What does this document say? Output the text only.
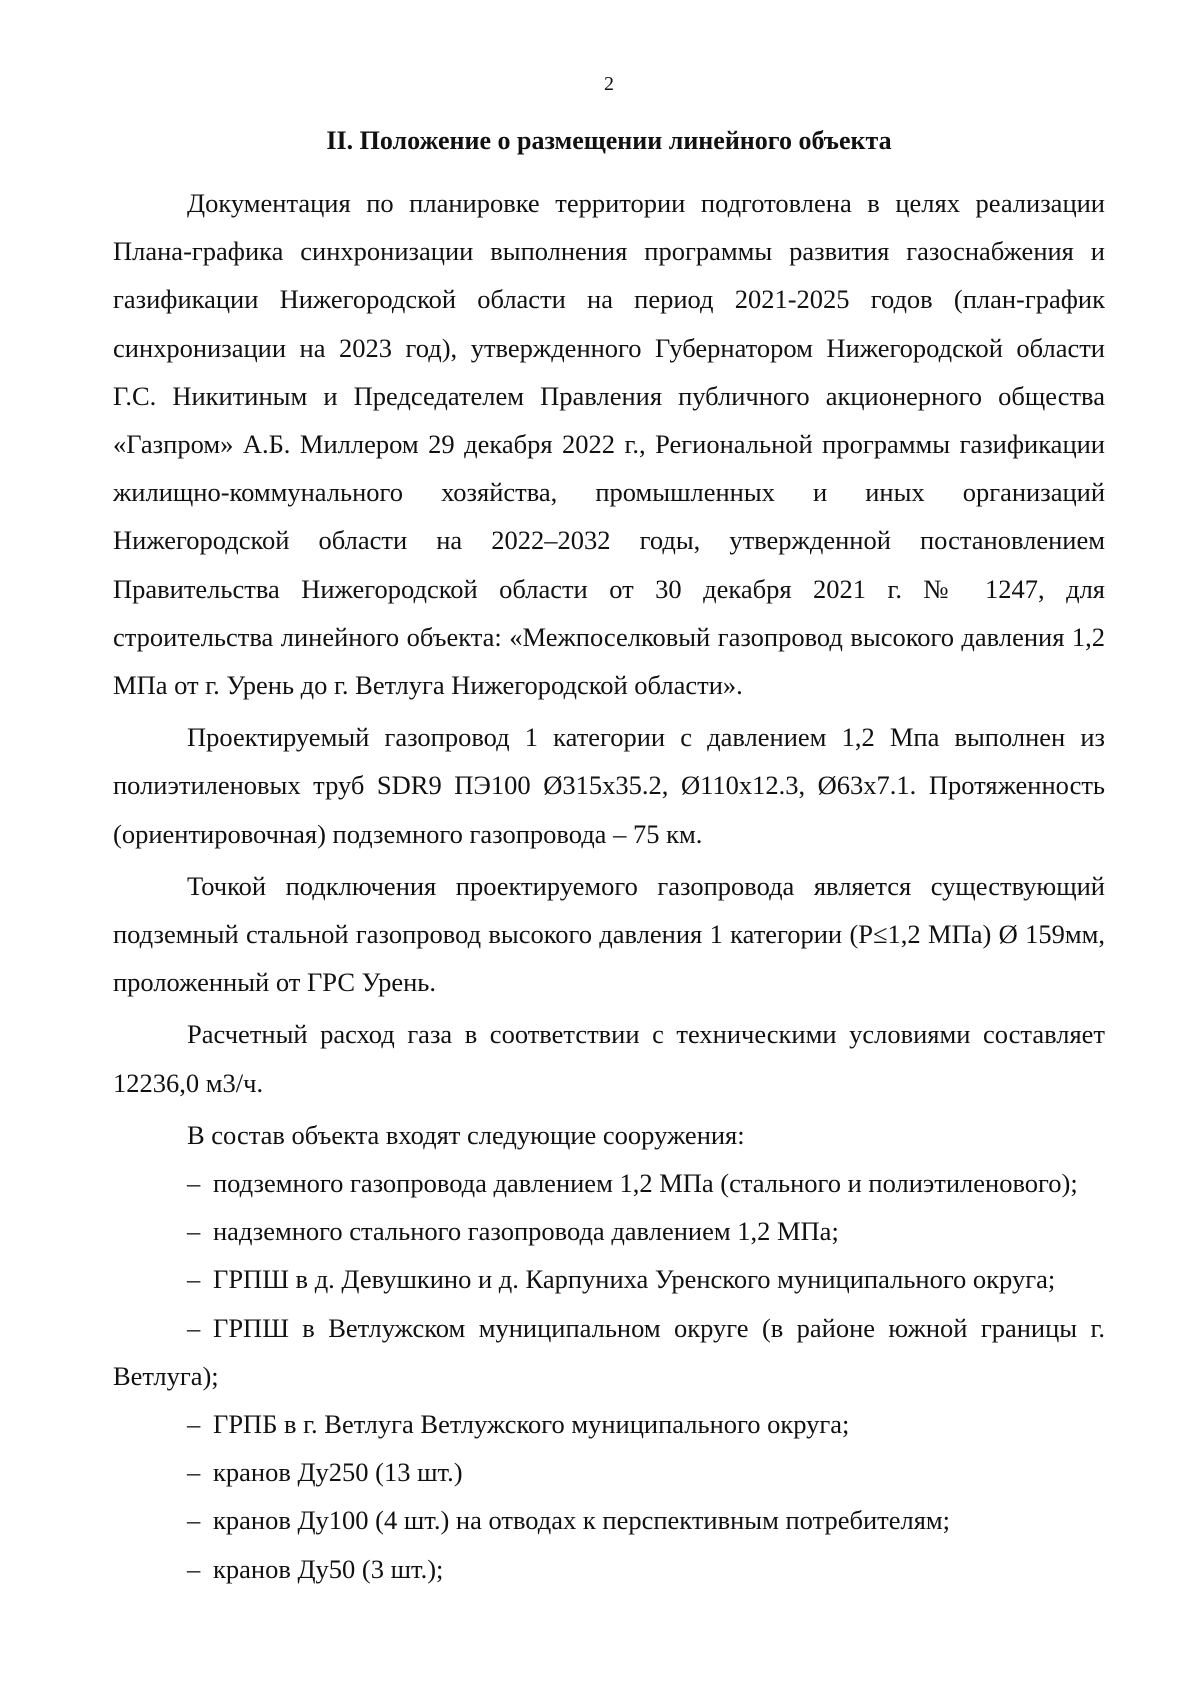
2
II. Положение о размещении линейного объекта

Документация по планировке территории подготовлена в целях реализации Плана-графика синхронизации выполнения программы развития газоснабжения и газификации Нижегородской области на период 2021-2025 годов (план-график синхронизации на 2023 год), утвержденного Губернатором Нижегородской области Г.С. Никитиным и Председателем Правления публичного акционерного общества «Газпром» А.Б. Миллером 29 декабря 2022 г., Региональной программы газификации жилищно-коммунального хозяйства, промышленных и иных организаций Нижегородской области на 2022–2032 годы, утвержденной постановлением Правительства Нижегородской области от 30 декабря 2021 г. № 1247, для строительства линейного объекта: «Межпоселковый газопровод высокого давления 1,2 МПа от г. Урень до г. Ветлуга Нижегородской области».

Проектируемый газопровод 1 категории с давлением 1,2 Мпа выполнен из полиэтиленовых труб SDR9 ПЭ100 Ø315х35.2, Ø110х12.3, Ø63х7.1. Протяженность (ориентировочная) подземного газопровода – 75 км.

Точкой подключения проектируемого газопровода является существующий подземный стальной газопровод высокого давления 1 категории (Р≤1,2 МПа) Ø 159мм, проложенный от ГРС Урень.

Расчетный расход газа в соответствии с техническими условиями составляет 12236,0 м3/ч.

В состав объекта входят следующие сооружения:

– подземного газопровода давлением 1,2 МПа (стального и полиэтиленового);

– надземного стального газопровода давлением 1,2 МПа;

– ГРПШ в д. Девушкино и д. Карпуниха Уренского муниципального округа;

– ГРПШ в Ветлужском муниципальном округе (в районе южной границы г. Ветлуга);

– ГРПБ в г. Ветлуга Ветлужского муниципального округа;

– кранов Ду250 (13 шт.)

– кранов Ду100 (4 шт.) на отводах к перспективным потребителям;

– кранов Ду50 (3 шт.);
